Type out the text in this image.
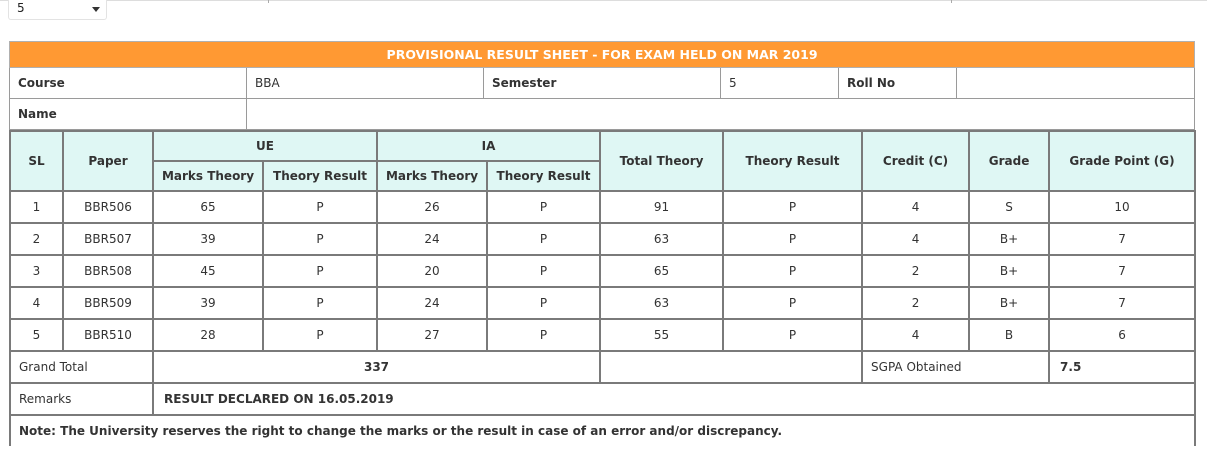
5
PROVISIONAL RESULT SHEET - FOR EXAM HELD ON MAR 2019					
Course	BBA	Semester	5	Roll No	
Name					
SL	Paper	UE		IA		Total Theory	Theory Result	Credit (C)	Grade	Grade Point (G)
		Marks Theory	Theory Result	Marks Theory	Theory Result					
1	BBR506	65	P	26	P	91	P	4	S	10
2	BBR507	39	P	24	P	63	P	4	B+	7
3	BBR508	45	P	20	P	65	P	2	B+	7
4	BBR509	39	P	24	P	63	P	2	B+	7
5	BBR510	28	P	27	P	55	P	4	B	6
Grand Total		337						SGPA Obtained		7.5
Remarks		RESULT DECLARED ON 16.05.2019								
Note: The University reserves the right to change the marks or the result in case of an error and/or discrepancy.										
